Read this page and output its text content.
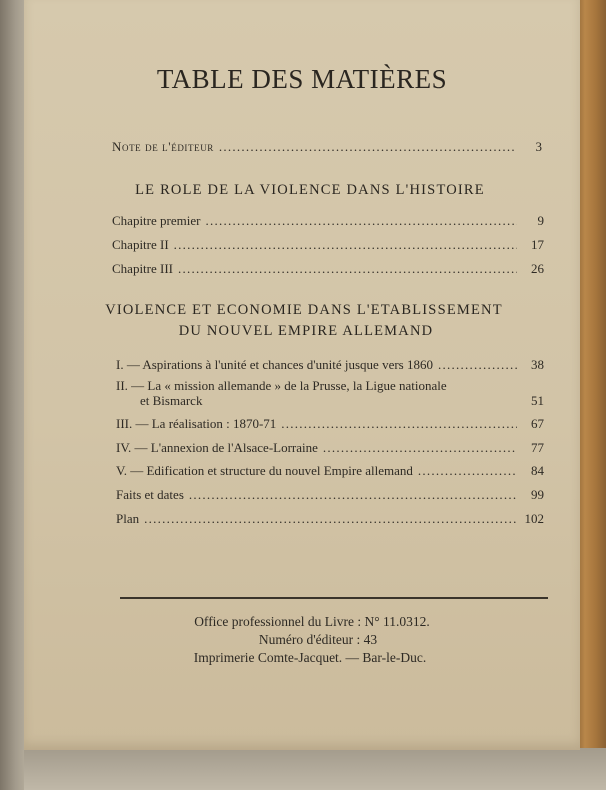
TABLE DES MATIÈRES
Note de l'éditeur . . .	3
LE ROLE DE LA VIOLENCE DANS L'HISTOIRE
Chapitre premier . . .	9
Chapitre II . . .	17
Chapitre III . . .	26
VIOLENCE ET ECONOMIE DANS L'ETABLISSEMENT
DU NOUVEL EMPIRE ALLEMAND
I. — Aspirations à l'unité et chances d'unité jusque vers 1860 . . .	38
II. — La « mission allemande » de la Prusse, la Ligue nationale
et Bismarck	51
III. — La réalisation : 1870-71 . . .	67
IV. — L'annexion de l'Alsace-Lorraine . . .	77
V. — Edification et structure du nouvel Empire allemand . . .	84
Faits et dates . . .	99
Plan . . .	102
Office professionnel du Livre : N° 11.0312.
Numéro d'éditeur : 43
Imprimerie Comte-Jacquet. — Bar-le-Duc.
